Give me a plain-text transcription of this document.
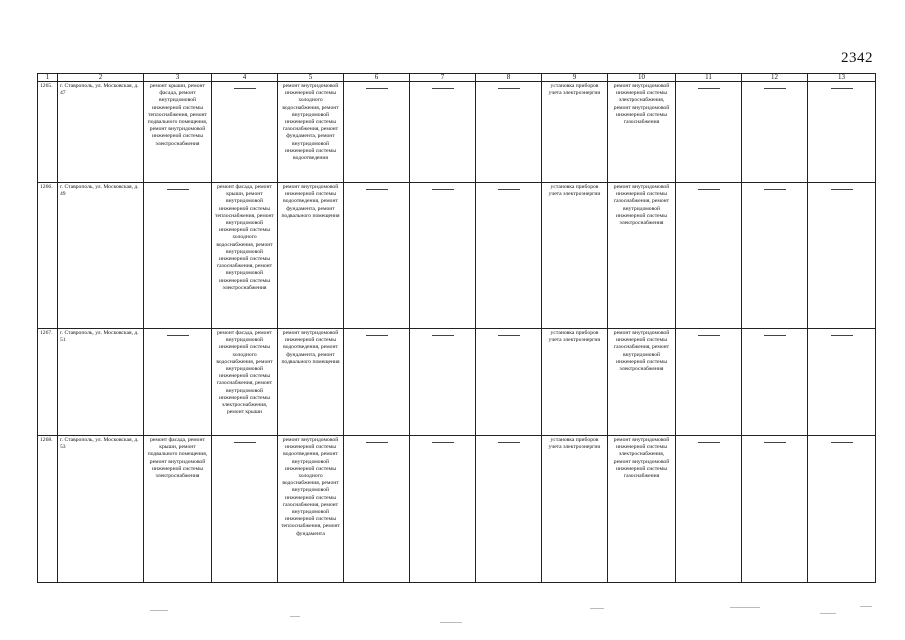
2342
1	2	3	4	5	6	7	8	9	10	11	12	13
1265.	г. Ставрополь, ул. Московская, д. 47	ремонт крыши, ремонт фасада, ремонт внутридомовой инженерной системы теплоснабжения, ремонт подвального помещения, ремонт внутридомовой инженерной системы электроснабжения		ремонт внутридомовой инженерной системы холодного водоснабжения, ремонт внутридомовой инженерной системы газоснабжения, ремонт фундамента, ремонт внутридомовой инженерной системы водоотведения				установка приборов учета электроэнергии	ремонт внутридомовой инженерной системы электроснабжения, ремонт внутридомовой инженерной системы газоснабжения			
1266.	г. Ставрополь, ул. Московская, д. 49		ремонт фасада, ремонт крыши, ремонт внутридомовой инженерной системы теплоснабжения, ремонт внутридомовой инженерной системы холодного водоснабжения, ремонт внутридомовой инженерной системы газоснабжения, ремонт внутридомовой инженерной системы электроснабжения	ремонт внутридомовой инженерной системы водоотведения, ремонт фундамента, ремонт подвального помещения				установка приборов учета электроэнергии	ремонт внутридомовой инженерной системы газоснабжения, ремонт внутридомовой инженерной системы электроснабжения			
1267.	г. Ставрополь, ул. Московская, д. 51		ремонт фасада, ремонт внутридомовой инженерной системы холодного водоснабжения, ремонт внутридомовой инженерной системы газоснабжения, ремонт внутридомовой инженерной системы электроснабжения, ремонт крыши	ремонт внутридомовой инженерной системы водоотведения, ремонт фундамента, ремонт подвального помещения				установка приборов учета электроэнергии	ремонт внутридомовой инженерной системы газоснабжения, ремонт внутридомовой инженерной системы электроснабжения			
1268.	г. Ставрополь, ул. Московская, д. 53	ремонт фасада, ремонт крыши, ремонт подвального помещения, ремонт внутридомовой инженерной системы электроснабжения		ремонт внутридомовой инженерной системы водоотведения, ремонт внутридомовой инженерной системы холодного водоснабжения, ремонт внутридомовой инженерной системы газоснабжения, ремонт внутридомовой инженерной системы теплоснабжения, ремонт фундамента				установка приборов учета электроэнергии	ремонт внутридомовой инженерной системы электроснабжения, ремонт внутридомовой инженерной системы газоснабжения			
